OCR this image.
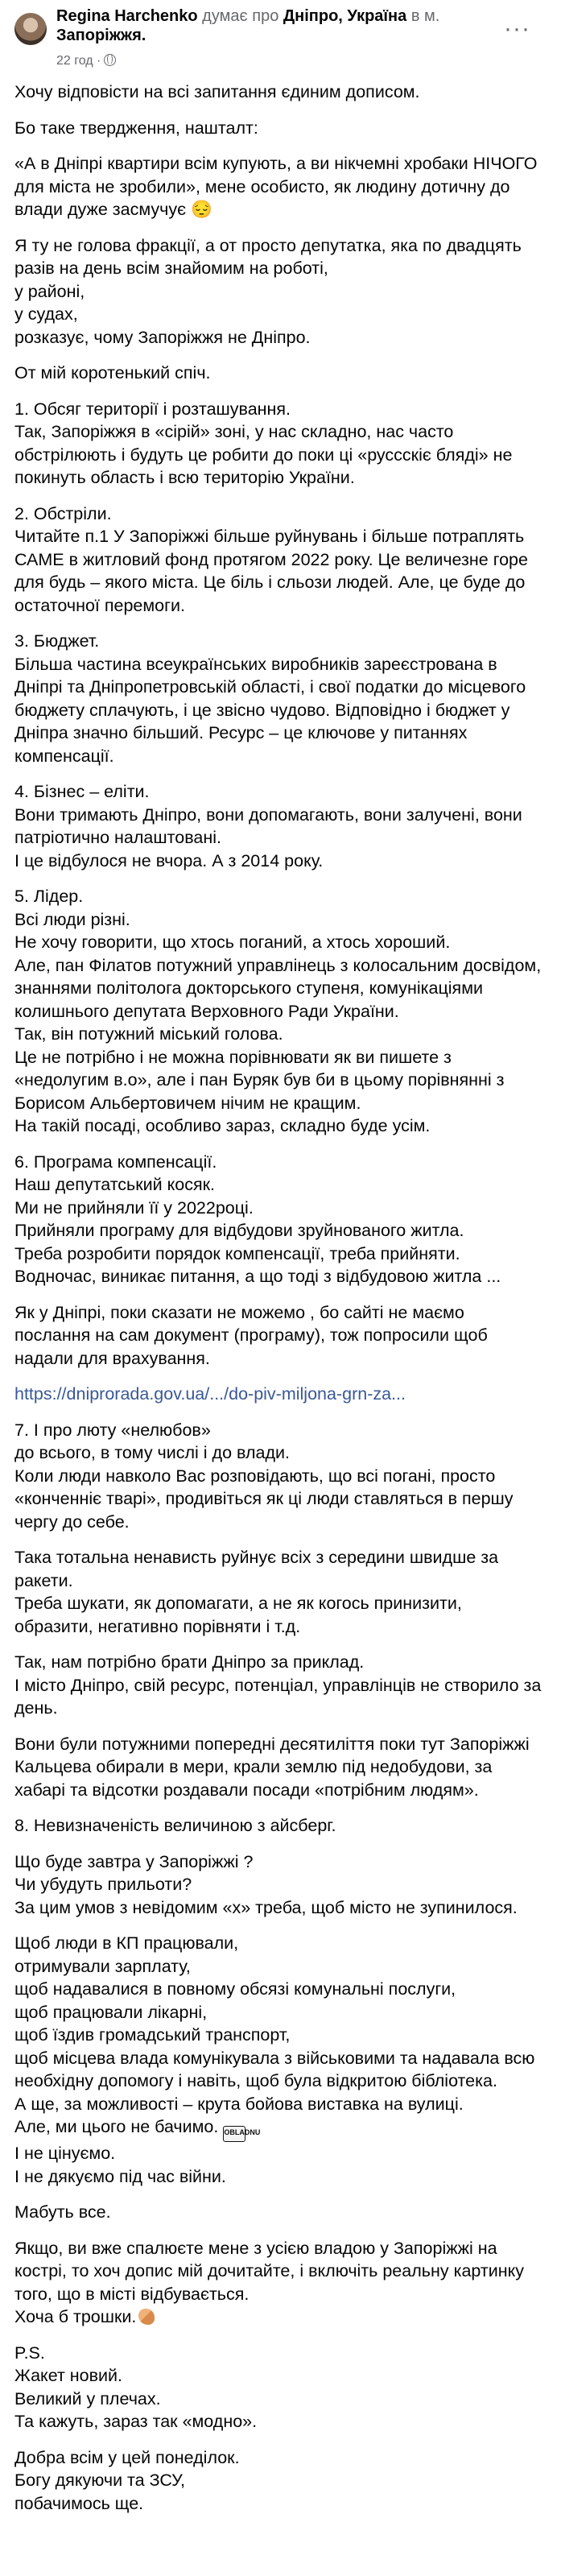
Regina Harchenko думає про Дніпро, Україна в м. Запоріжжя.
22 год ·
···

Хочу відповісти на всі запитання єдиним дописом.

Бо таке твердження, нашталт:

«А в Дніпрі квартири всім купують, а ви нікчемні хробаки НІЧОГО для міста не зробили», мене особисто, як людину дотичну до влади дуже засмучує 😔

Я ту не голова фракції, а от просто депутатка, яка по двадцять разів на день всім знайомим на роботі,
у районі,
у судах,
розказує, чому Запоріжжя не Дніпро.

От мій коротенький спіч.

1. Обсяг території і розташування.
Так, Запоріжжя в «сірій» зоні, у нас складно, нас часто обстрілюють і будуть це робити до поки ці «руссскіє бляді» не покинуть область і всю територію України.

2. Обстріли.
Читайте п.1 У Запоріжжі більше руйнувань і більше потраплять САМЕ в житловий фонд протягом 2022 року. Це величезне горе для будь – якого міста. Це біль і сльози людей. Але, це буде до остаточної перемоги.

3. Бюджет.
Більша частина всеукраїнських виробників зареєстрована в Дніпрі та Дніпропетровській області, і свої податки до місцевого бюджету сплачують, і це звісно чудово. Відповідно і бюджет у Дніпра значно більший. Ресурс – це ключове у питаннях компенсації.

4. Бізнес – еліти.
Вони тримають Дніпро, вони допомагають, вони залучені, вони патріотично налаштовані.
І це відбулося не вчора. А з 2014 року.

5. Лідер.
Всі люди різні.
Не хочу говорити, що хтось поганий, а хтось хороший.
Але, пан Філатов потужний управлінець з колосальним досвідом, знаннями політолога докторського ступеня, комунікаціями колишнього депутата Верховного Ради України.
Так, він потужний міський голова.
Це не потрібно і не можна порівнювати як ви пишете з «недолугим в.о», але і пан Буряк був би в цьому порівнянні з Борисом Альбертовичем нічим не кращим.
На такій посаді, особливо зараз, складно буде усім.

6. Програма компенсації.
Наш депутатський косяк.
Ми не прийняли її у 2022році.
Прийняли програму для відбудови зруйнованого житла.
Треба розробити порядок компенсації, треба прийняти.
Водночас, виникає питання, а що тоді з відбудовою житла ...

Як у Дніпрі, поки сказати не можемо , бо сайті не маємо послання на сам документ (програму), тож попросили щоб надали для врахування.

https://dniprorada.gov.ua/.../do-piv-miljona-grn-za...

7. І про люту «нелюбов»
до всього, в тому числі і до влади.
Коли люди навколо Вас розповідають, що всі погані, просто «конченніє тварі», продивіться як ці люди ставляться в першу чергу до себе.

Така тотальна ненависть руйнує всіх з середини швидше за ракети.
Треба шукати, як допомагати, а не як когось принизити, образити, негативно порівняти і т.д.

Так, нам потрібно брати Дніпро за приклад.
І місто Дніпро, свій ресурс, потенціал, управлінців не створило за день.

Вони були потужними попередні десятиліття поки тут Запоріжжі Кальцева обирали в мери, крали землю під недобудови, за хабарі та відсотки роздавали посади «потрібним людям».

8. Невизначеність величиною з айсберг.

Що буде завтра у Запоріжжі ?
Чи убудуть прильоти?
За цим умов з невідомим «х» треба, щоб місто не зупинилося.

Щоб люди в КП працювали,
отримували зарплату,
щоб надавалися в повному обсязі комунальні послуги,
щоб працювали лікарні,
щоб їздив громадський транспорт,
щоб місцева влада комунікувала з військовими та надавала всю необхідну допомогу і навіть, щоб була відкритою бібліотека.
А ще, за можливості – крута бойова виставка на вулиці.
Але, ми цього не бачимо. OBLADNU
І не цінуємо.
І не дякуємо під час війни.

Мабуть все.

Якщо, ви вже спалюєте мене з усією владою у Запоріжжі на кострі, то хоч допис мій дочитайте, і включіть реальну картинку того, що в місті відбувається.
Хоча б трошки.

P.S.
Жакет новий.
Великий у плечах.
Та кажуть, зараз так «модно».

Добра всім у цей понеділок.
Богу дякуючи та ЗСУ,
побачимось ще.
